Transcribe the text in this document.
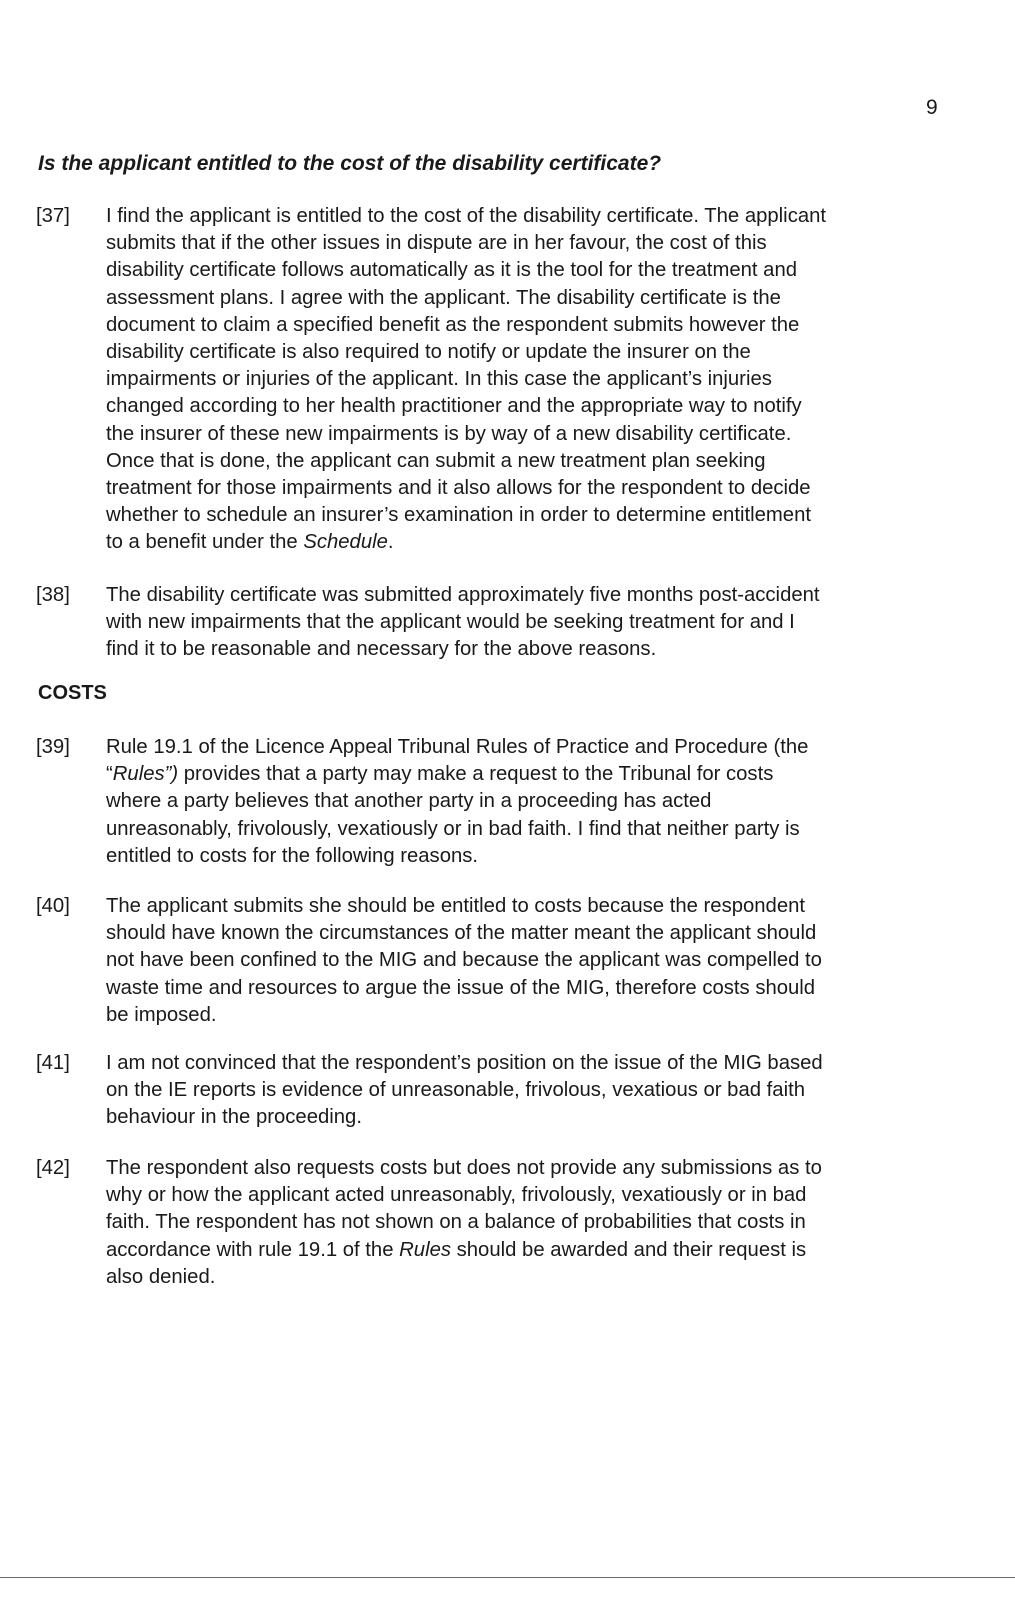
9
Is the applicant entitled to the cost of the disability certificate?
[37] I find the applicant is entitled to the cost of the disability certificate. The applicant
submits that if the other issues in dispute are in her favour, the cost of this
disability certificate follows automatically as it is the tool for the treatment and
assessment plans. I agree with the applicant. The disability certificate is the
document to claim a specified benefit as the respondent submits however the
disability certificate is also required to notify or update the insurer on the
impairments or injuries of the applicant. In this case the applicant’s injuries
changed according to her health practitioner and the appropriate way to notify
the insurer of these new impairments is by way of a new disability certificate.
Once that is done, the applicant can submit a new treatment plan seeking
treatment for those impairments and it also allows for the respondent to decide
whether to schedule an insurer’s examination in order to determine entitlement
to a benefit under the Schedule.
[38] The disability certificate was submitted approximately five months post-accident
with new impairments that the applicant would be seeking treatment for and I
find it to be reasonable and necessary for the above reasons.
COSTS
[39] Rule 19.1 of the Licence Appeal Tribunal Rules of Practice and Procedure (the
“Rules”) provides that a party may make a request to the Tribunal for costs
where a party believes that another party in a proceeding has acted
unreasonably, frivolously, vexatiously or in bad faith. I find that neither party is
entitled to costs for the following reasons.
[40] The applicant submits she should be entitled to costs because the respondent
should have known the circumstances of the matter meant the applicant should
not have been confined to the MIG and because the applicant was compelled to
waste time and resources to argue the issue of the MIG, therefore costs should
be imposed.
[41] I am not convinced that the respondent’s position on the issue of the MIG based
on the IE reports is evidence of unreasonable, frivolous, vexatious or bad faith
behaviour in the proceeding.
[42] The respondent also requests costs but does not provide any submissions as to
why or how the applicant acted unreasonably, frivolously, vexatiously or in bad
faith. The respondent has not shown on a balance of probabilities that costs in
accordance with rule 19.1 of the Rules should be awarded and their request is
also denied.
